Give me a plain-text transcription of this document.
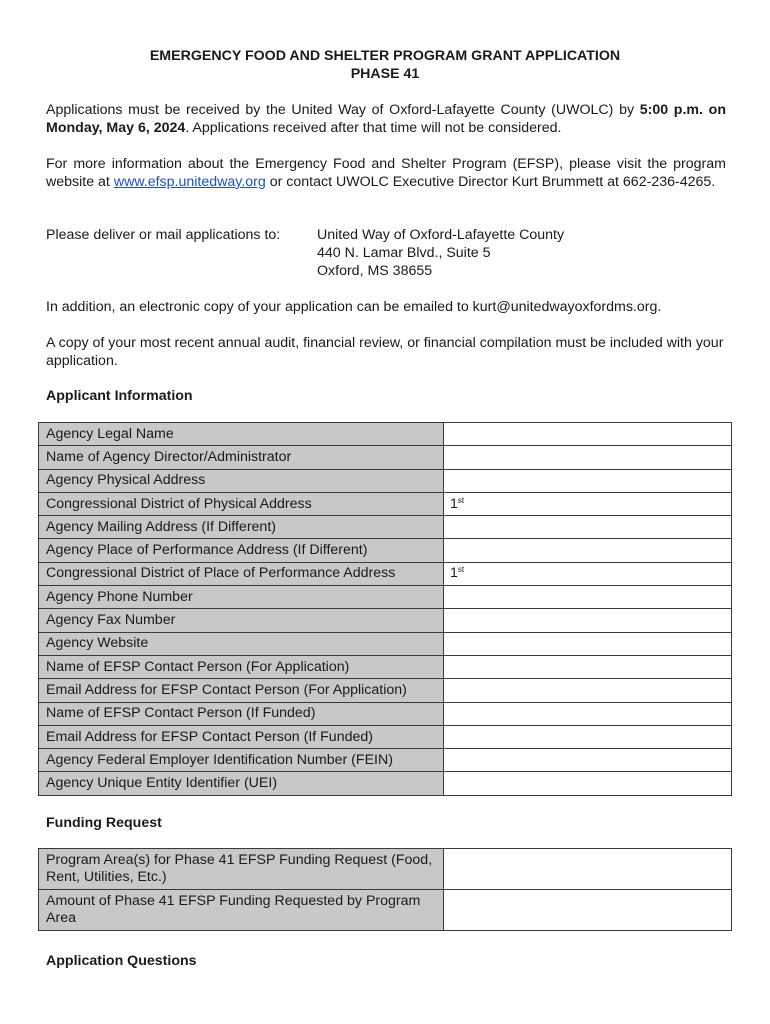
EMERGENCY FOOD AND SHELTER PROGRAM GRANT APPLICATION
PHASE 41

Applications must be received by the United Way of Oxford-Lafayette County (UWOLC) by 5:00 p.m. on Monday, May 6, 2024. Applications received after that time will not be considered.

For more information about the Emergency Food and Shelter Program (EFSP), please visit the program website at www.efsp.unitedway.org or contact UWOLC Executive Director Kurt Brummett at 662-236-4265.

Please deliver or mail applications to:	United Way of Oxford-Lafayette County
440 N. Lamar Blvd., Suite 5
Oxford, MS 38655

In addition, an electronic copy of your application can be emailed to kurt@unitedwayoxfordms.org.

A copy of your most recent annual audit, financial review, or financial compilation must be included with your application.

Applicant Information
Agency Legal Name	
Name of Agency Director/Administrator	
Agency Physical Address	
Congressional District of Physical Address	1st
Agency Mailing Address (If Different)	
Agency Place of Performance Address (If Different)	
Congressional District of Place of Performance Address	1st
Agency Phone Number	
Agency Fax Number	
Agency Website	
Name of EFSP Contact Person (For Application)	
Email Address for EFSP Contact Person (For Application)	
Name of EFSP Contact Person (If Funded)	
Email Address for EFSP Contact Person (If Funded)	
Agency Federal Employer Identification Number (FEIN)	
Agency Unique Entity Identifier (UEI)	
Funding Request
Program Area(s) for Phase 41 EFSP Funding Request (Food, Rent, Utilities, Etc.)	
Amount of Phase 41 EFSP Funding Requested by Program Area	
Application Questions
